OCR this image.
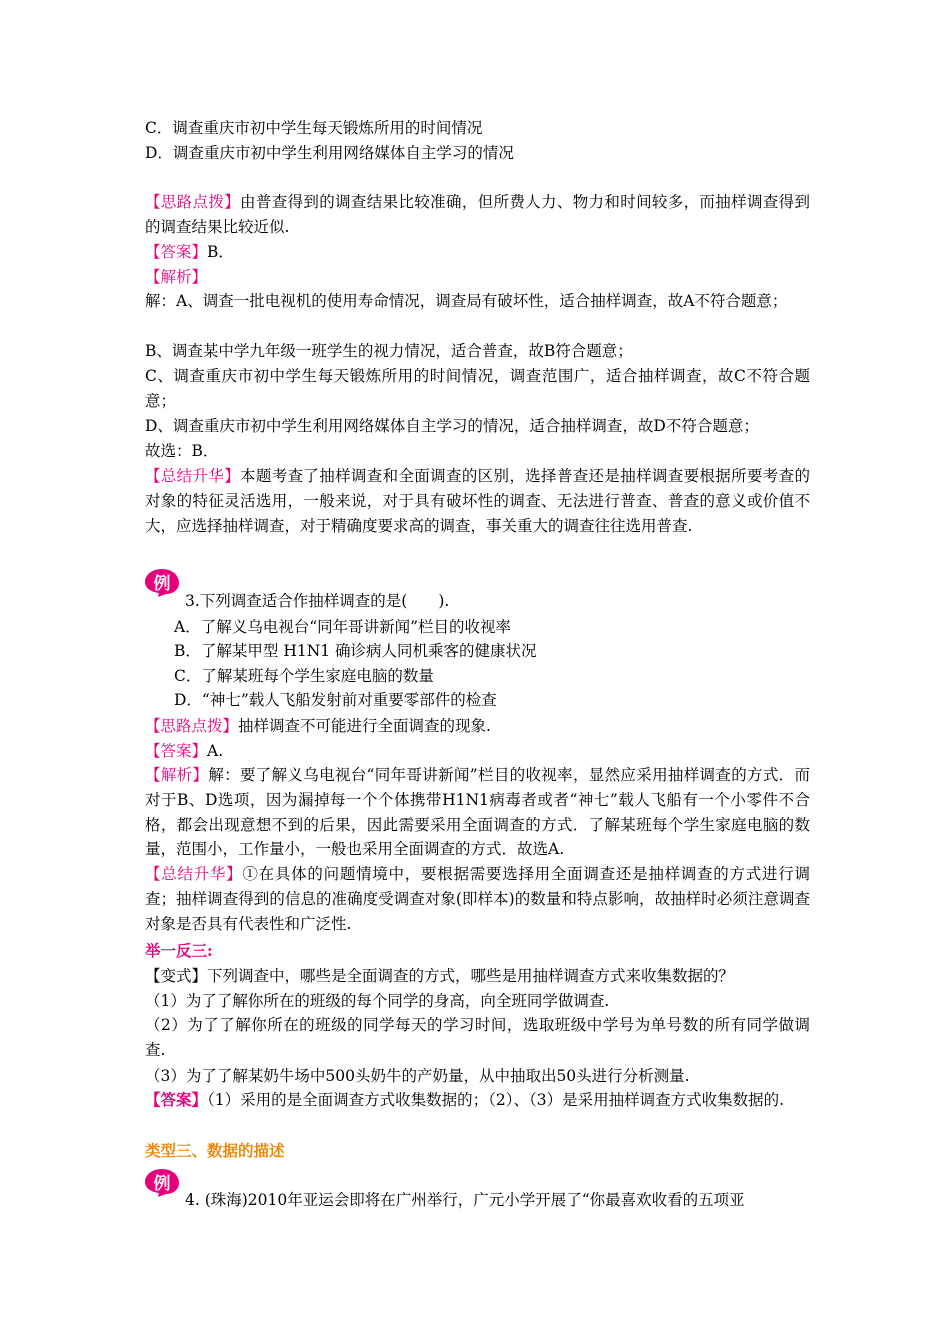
C．调查重庆市初中学生每天锻炼所用的时间情况
D．调查重庆市初中学生利用网络媒体自主学习的情况
【思路点拨】由普查得到的调查结果比较准确，但所费人力、物力和时间较多，而抽样调查得到的调查结果比较近似.
【答案】B．
【解析】
解：A、调查一批电视机的使用寿命情况，调查局有破坏性，适合抽样调查，故A不符合题意；
B、调查某中学九年级一班学生的视力情况，适合普查，故B符合题意；
C、调查重庆市初中学生每天锻炼所用的时间情况，调查范围广，适合抽样调查，故C不符合题意；
D、调查重庆市初中学生利用网络媒体自主学习的情况，适合抽样调查，故D不符合题意；
故选：B．
【总结升华】本题考查了抽样调查和全面调查的区别，选择普查还是抽样调查要根据所要考查的对象的特征灵活选用，一般来说，对于具有破坏性的调查、无法进行普查、普查的意义或价值不大，应选择抽样调查，对于精确度要求高的调查，事关重大的调查往往选用普查.
例
3.下列调查适合作抽样调查的是(　　).
A．了解义乌电视台“同年哥讲新闻”栏目的收视率
B．了解某甲型 H1N1 确诊病人同机乘客的健康状况
C．了解某班每个学生家庭电脑的数量
D．“神七”载人飞船发射前对重要零部件的检查
【思路点拨】抽样调查不可能进行全面调查的现象.
【答案】A.
【解析】解：要了解义乌电视台“同年哥讲新闻”栏目的收视率，显然应采用抽样调查的方式．而对于B、D选项，因为漏掉每一个个体携带H1N1病毒者或者“神七”载人飞船有一个小零件不合格，都会出现意想不到的后果，因此需要采用全面调查的方式．了解某班每个学生家庭电脑的数量，范围小，工作量小，一般也采用全面调查的方式．故选A.
【总结升华】①在具体的问题情境中，要根据需要选择用全面调查还是抽样调查的方式进行调查；抽样调查得到的信息的准确度受调查对象(即样本)的数量和特点影响，故抽样时必须注意调查对象是否具有代表性和广泛性.
举一反三:
【变式】下列调查中，哪些是全面调查的方式，哪些是用抽样调查方式来收集数据的？
（1）为了了解你所在的班级的每个同学的身高，向全班同学做调查.
（2）为了了解你所在的班级的同学每天的学习时间，选取班级中学号为单号数的所有同学做调查.
（3）为了了解某奶牛场中500头奶牛的产奶量，从中抽取出50头进行分析测量.
【答案】（1）采用的是全面调查方式收集数据的；（2）、（3）是采用抽样调查方式收集数据的.
类型三、数据的描述
例
4. (珠海)2010年亚运会即将在广州举行，广元小学开展了“你最喜欢收看的五项亚
